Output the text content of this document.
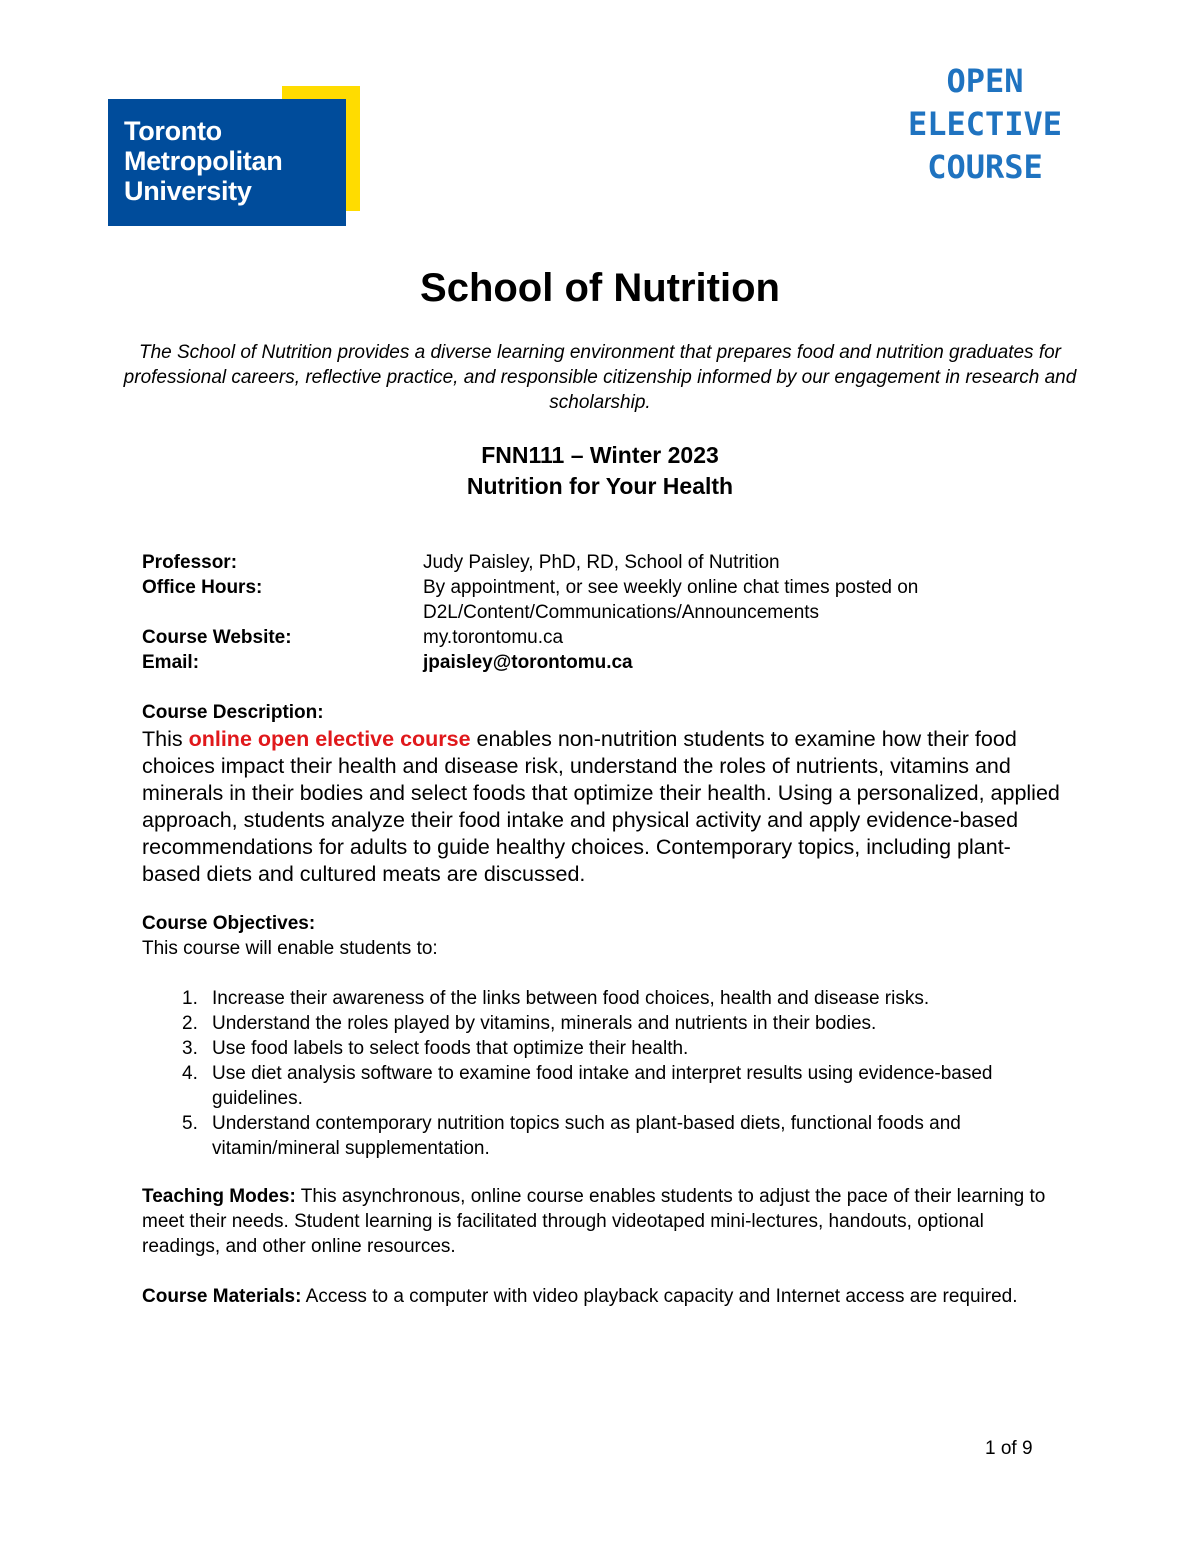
Toronto
Metropolitan
University
OPEN
ELECTIVE
COURSE
School of Nutrition
The School of Nutrition provides a diverse learning environment that prepares food and nutrition graduates for professional careers, reflective practice, and responsible citizenship informed by our engagement in research and scholarship.
FNN111 – Winter 2023
Nutrition for Your Health
Professor:	Judy Paisley, PhD, RD, School of Nutrition
Office Hours:	By appointment, or see weekly online chat times posted on
D2L/Content/Communications/Announcements
Course Website:	my.torontomu.ca
Email:	jpaisley@torontomu.ca
Course Description:
This online open elective course enables non-nutrition students to examine how their food choices impact their health and disease risk, understand the roles of nutrients, vitamins and minerals in their bodies and select foods that optimize their health. Using a personalized, applied approach, students analyze their food intake and physical activity and apply evidence-based recommendations for adults to guide healthy choices. Contemporary topics, including plant-based diets and cultured meats are discussed.
Course Objectives:
This course will enable students to:
1. Increase their awareness of the links between food choices, health and disease risks.
2. Understand the roles played by vitamins, minerals and nutrients in their bodies.
3. Use food labels to select foods that optimize their health.
4. Use diet analysis software to examine food intake and interpret results using evidence-based guidelines.
5. Understand contemporary nutrition topics such as plant-based diets, functional foods and vitamin/mineral supplementation.
Teaching Modes: This asynchronous, online course enables students to adjust the pace of their learning to meet their needs. Student learning is facilitated through videotaped mini-lectures, handouts, optional readings, and other online resources.
Course Materials: Access to a computer with video playback capacity and Internet access are required.
1 of 9
